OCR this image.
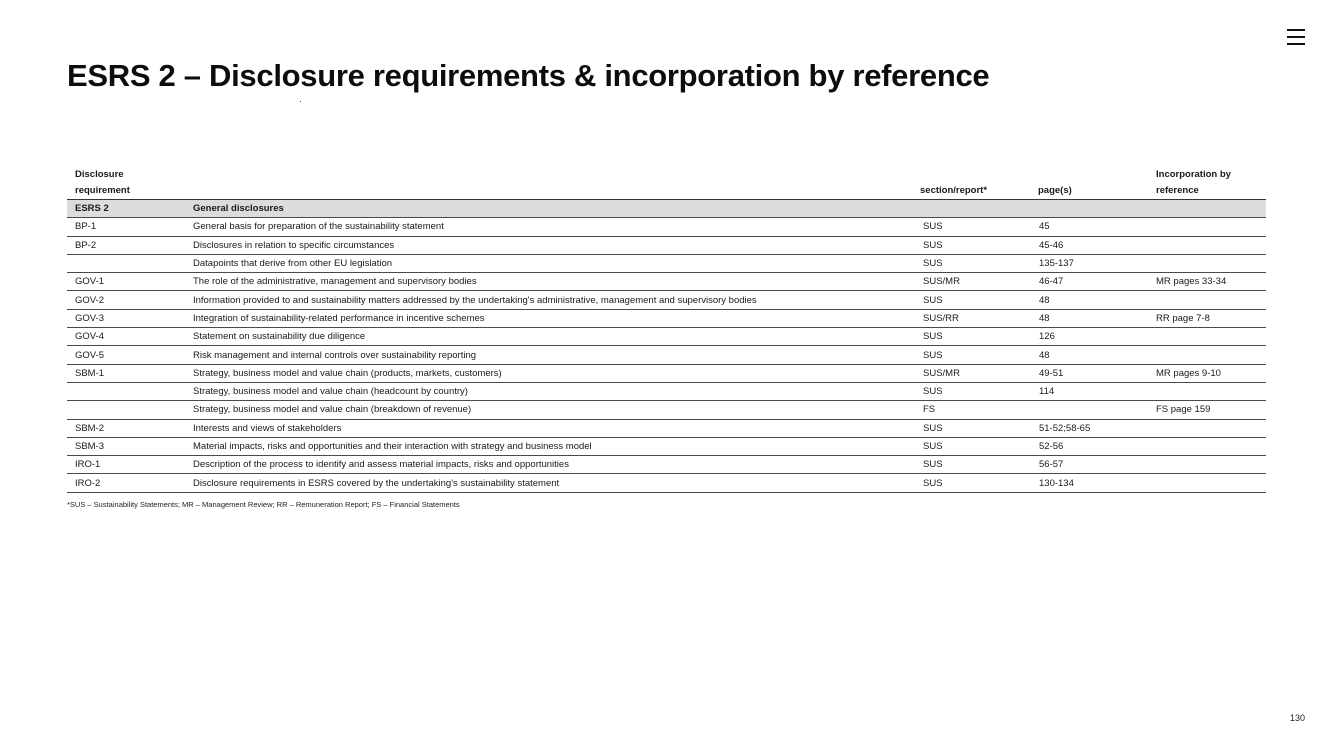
ESRS 2 – Disclosure requirements & incorporation by reference
Disclosure
requirement		section/report*	page(s)	Incorporation by
reference
ESRS 2	General disclosures			
BP-1	General basis for preparation of the sustainability statement	SUS	45	
BP-2	Disclosures in relation to specific circumstances	SUS	45-46	
	Datapoints that derive from other EU legislation	SUS	135-137	
GOV-1	The role of the administrative, management and supervisory bodies	SUS/MR	46-47	MR pages 33-34
GOV-2	Information provided to and sustainability matters addressed by the undertaking's administrative, management and supervisory bodies	SUS	48	
GOV-3	Integration of sustainability-related performance in incentive schemes	SUS/RR	48	RR page 7-8
GOV-4	Statement on sustainability due diligence	SUS	126	
GOV-5	Risk management and internal controls over sustainability reporting	SUS	48	
SBM-1	Strategy, business model and value chain (products, markets, customers)	SUS/MR	49-51	MR pages 9-10
	Strategy, business model and value chain (headcount by country)	SUS	114	
	Strategy, business model and value chain (breakdown of revenue)	FS		FS page 159
SBM-2	Interests and views of stakeholders	SUS	51-52;58-65	
SBM-3	Material impacts, risks and opportunities and their interaction with strategy and business model	SUS	52-56	
IRO-1	Description of the process to identify and assess material impacts, risks and opportunities	SUS	56-57	
IRO-2	Disclosure requirements in ESRS covered by the undertaking's sustainability statement	SUS	130-134	
*SUS – Sustainability Statements; MR – Management Review; RR – Remuneration Report; FS – Financial Statements
130
